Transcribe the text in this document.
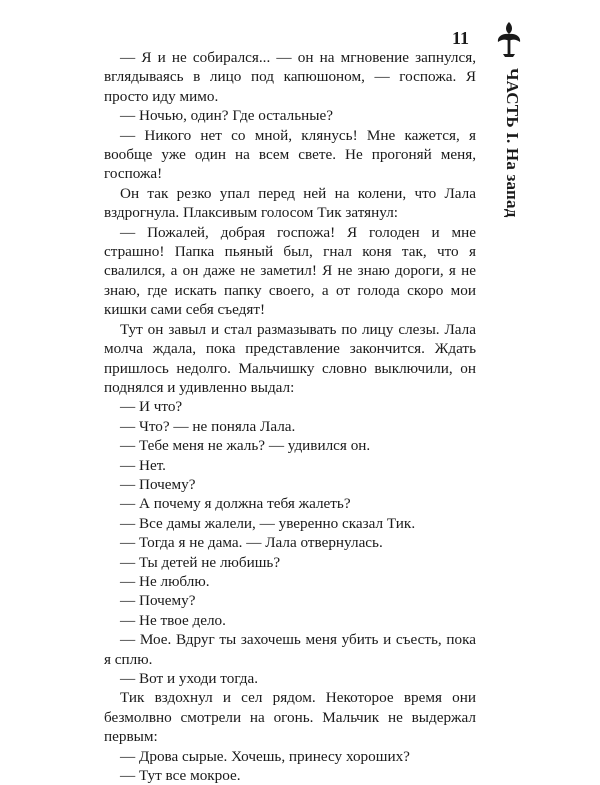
11
ЧАСТЬ I. На запад

— Я и не собирался... — он на мгновение запнулся, вглядываясь в лицо под капюшоном, — госпожа. Я просто иду мимо.

— Ночью, один? Где остальные?

— Никого нет со мной, клянусь! Мне кажется, я вообще уже один на всем свете. Не прогоняй меня, госпожа!

Он так резко упал перед ней на колени, что Лала вздрогнула. Плаксивым голосом Тик затянул:

— Пожалей, добрая госпожа! Я голоден и мне страшно! Папка пьяный был, гнал коня так, что я свалился, а он даже не заметил! Я не знаю дороги, я не знаю, где искать папку своего, а от голода скоро мои кишки сами себя съедят!

Тут он завыл и стал размазывать по лицу слезы. Лала молча ждала, пока представление закончится. Ждать пришлось недолго. Мальчишку словно выключили, он поднялся и удивленно выдал:

— И что?

— Что? — не поняла Лала.

— Тебе меня не жаль? — удивился он.

— Нет.

— Почему?

— А почему я должна тебя жалеть?

— Все дамы жалели, — уверенно сказал Тик.

— Тогда я не дама. — Лала отвернулась.

— Ты детей не любишь?

— Не люблю.

— Почему?

— Не твое дело.

— Мое. Вдруг ты захочешь меня убить и съесть, пока я сплю.

— Вот и уходи тогда.

Тик вздохнул и сел рядом. Некоторое время они безмолвно смотрели на огонь. Мальчик не выдержал первым:

— Дрова сырые. Хочешь, принесу хороших?

— Тут все мокрое.
